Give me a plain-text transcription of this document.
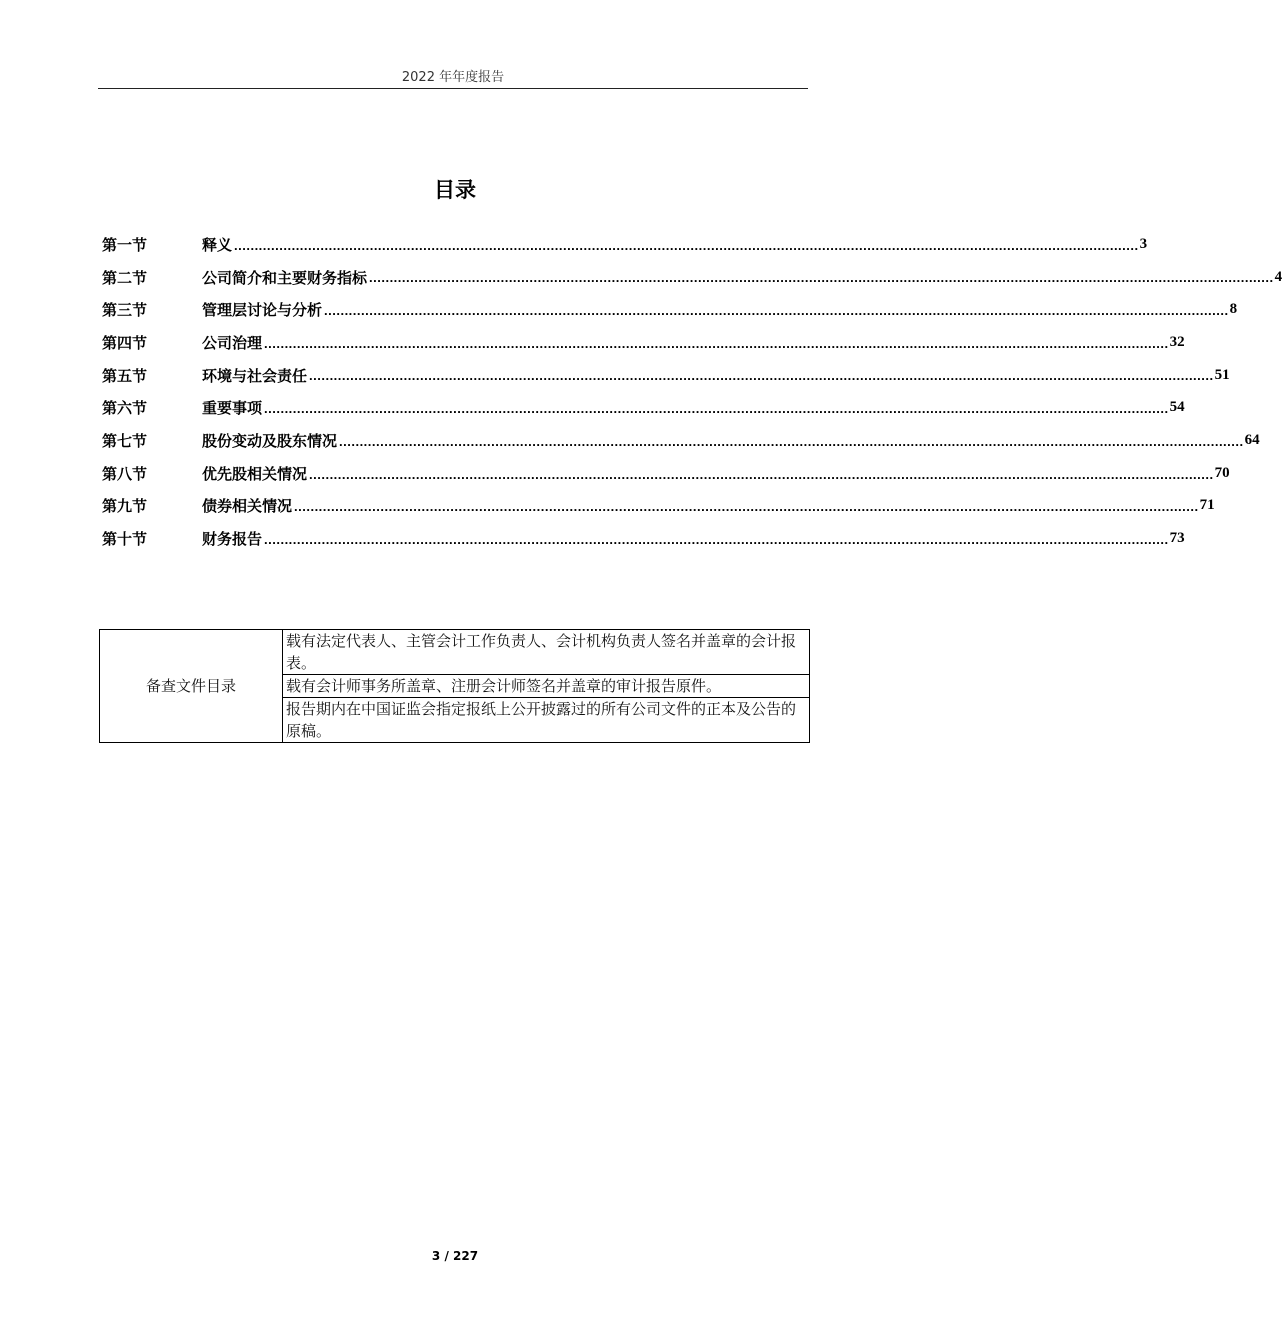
2022 年年度报告
目录
第一节	释义 ............................................................................................................................................................................................................................ 3
第二节	公司简介和主要财务指标 ............................................................................................................................................................................................................................ 4
第三节	管理层讨论与分析 ............................................................................................................................................................................................................................ 8
第四节	公司治理 ............................................................................................................................................................................................................................ 32
第五节	环境与社会责任 ............................................................................................................................................................................................................................ 51
第六节	重要事项 ............................................................................................................................................................................................................................ 54
第七节	股份变动及股东情况 ............................................................................................................................................................................................................................ 64
第八节	优先股相关情况 ............................................................................................................................................................................................................................ 70
第九节	债券相关情况 ............................................................................................................................................................................................................................ 71
第十节	财务报告 ............................................................................................................................................................................................................................ 73
备查文件目录	载有法定代表人、主管会计工作负责人、会计机构负责人签名并盖章的会计报表。
载有会计师事务所盖章、注册会计师签名并盖章的审计报告原件。
报告期内在中国证监会指定报纸上公开披露过的所有公司文件的正本及公告的原稿。
3 / 227
